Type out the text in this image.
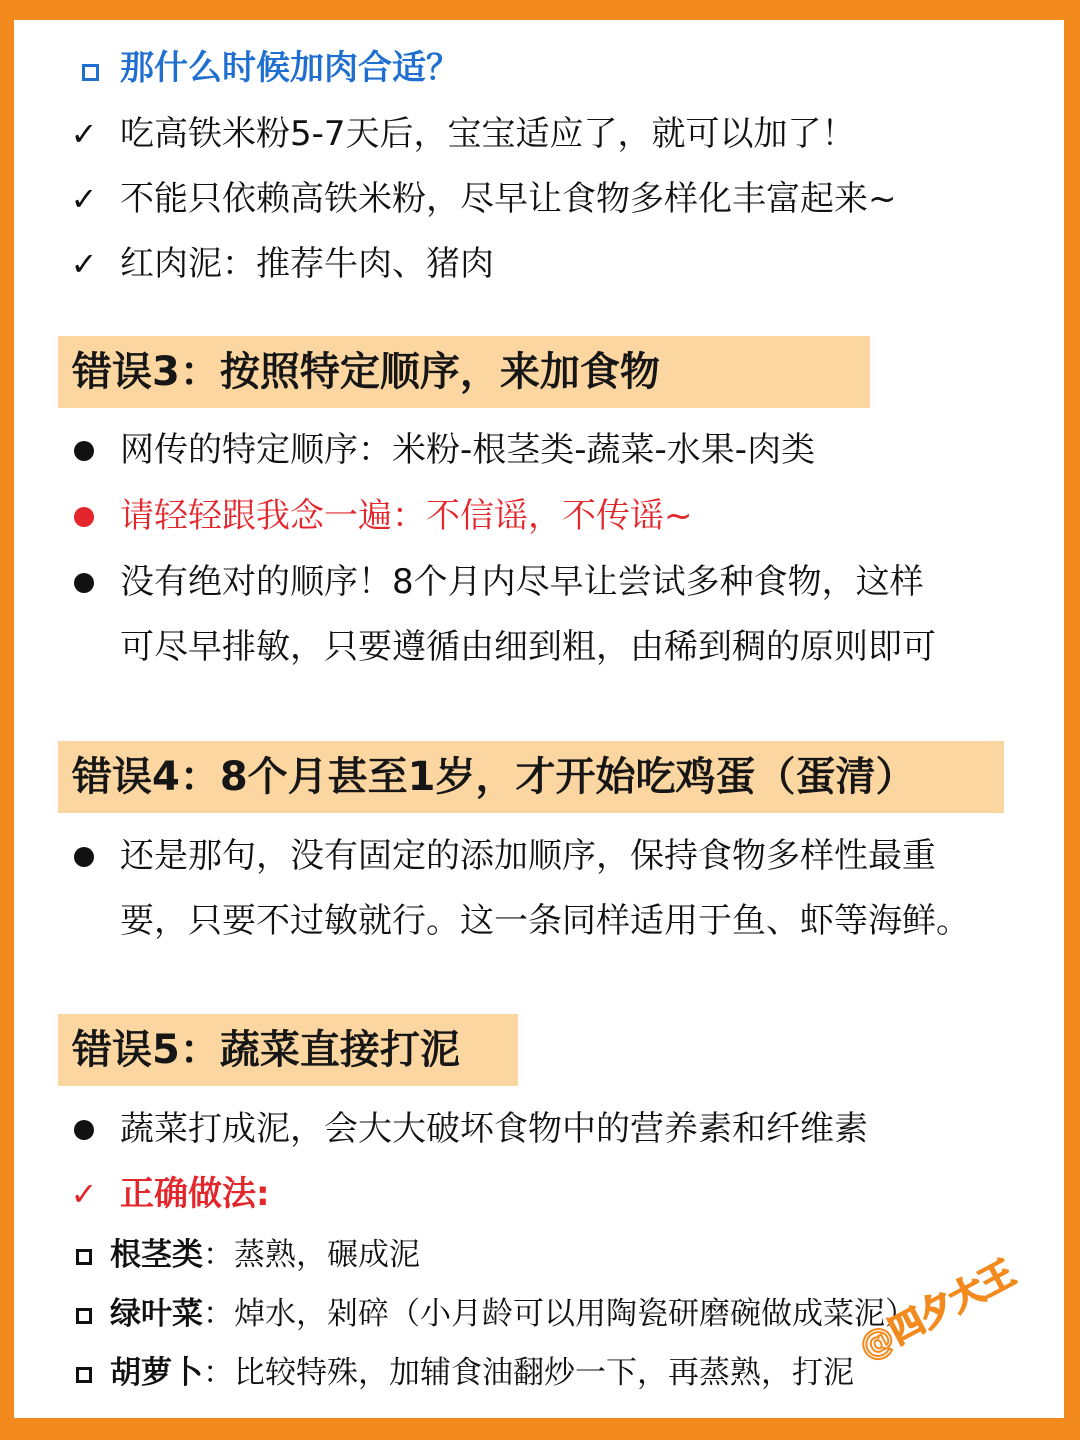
那什么时候加肉合适？
✓ 吃高铁米粉5-7天后，宝宝适应了，就可以加了！
✓ 不能只依赖高铁米粉，尽早让食物多样化丰富起来~
✓ 红肉泥：推荐牛肉、猪肉
错误3：按照特定顺序，来加食物
网传的特定顺序：米粉-根茎类-蔬菜-水果-肉类
请轻轻跟我念一遍：不信谣，不传谣~
没有绝对的顺序！8个月内尽早让尝试多种食物，这样
可尽早排敏，只要遵循由细到粗，由稀到稠的原则即可
错误4：8个月甚至1岁，才开始吃鸡蛋（蛋清）
还是那句，没有固定的添加顺序，保持食物多样性最重
要，只要不过敏就行。这一条同样适用于鱼、虾等海鲜。
错误5：蔬菜直接打泥
蔬菜打成泥，会大大破坏食物中的营养素和纤维素
✓ 正确做法:
根茎类：蒸熟，碾成泥
绿叶菜：焯水，剁碎（小月龄可以用陶瓷研磨碗做成菜泥）
胡萝卜：比较特殊，加辅食油翻炒一下，再蒸熟，打泥
@四夕大王
